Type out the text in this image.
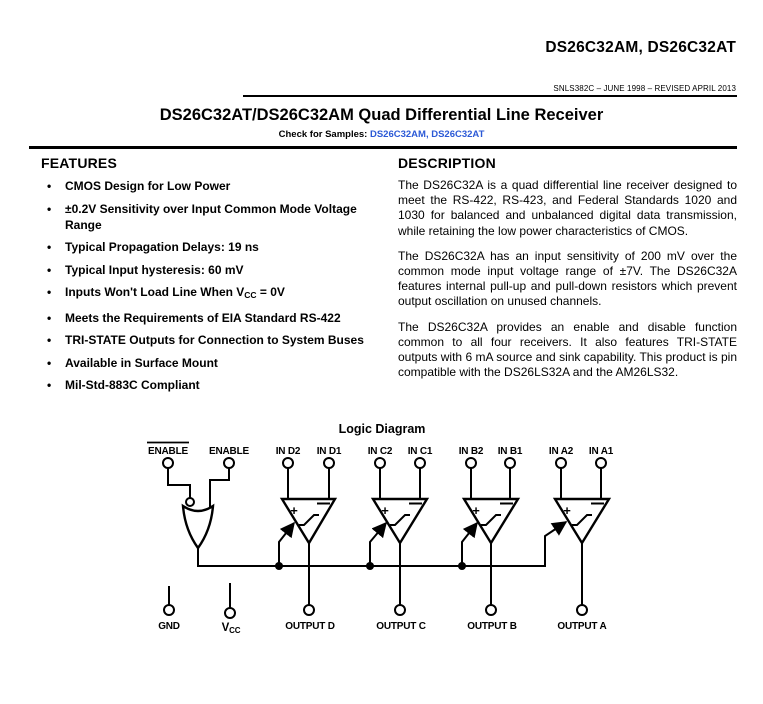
DS26C32AM, DS26C32AT
SNLS382C – JUNE 1998 – REVISED APRIL 2013
DS26C32AT/DS26C32AM Quad Differential Line Receiver
Check for Samples: DS26C32AM, DS26C32AT
FEATURES
• CMOS Design for Low Power
• ±0.2V Sensitivity over Input Common Mode Voltage Range
• Typical Propagation Delays: 19 ns
• Typical Input hysteresis: 60 mV
• Inputs Won't Load Line When $V_{CC} = 0V$
• Meets the Requirements of EIA Standard RS-422
• TRI-STATE Outputs for Connection to System Buses
• Available in Surface Mount
• Mil-Std-883C Compliant
DESCRIPTION

The DS26C32A is a quad differential line receiver designed to meet the RS-422, RS-423, and Federal Standards 1020 and 1030 for balanced and unbalanced digital data transmission, while retaining the low power characteristics of CMOS.

The DS26C32A has an input sensitivity of 200 mV over the common mode input voltage range of ±7V. The DS26C32A features internal pull-up and pull-down resistors which prevent output oscillation on unused channels.

The DS26C32A provides an enable and disable function common to all four receivers. It also features TRI-STATE outputs with 6 mA source and sink capability. This product is pin compatible with the DS26LS32A and the AM26LS32.

Logic Diagram
ENABLE ENABLE	IN D2 IN D1	IN C2 IN C1	IN B2 IN B1	IN A2 IN A1
+	+	+	+
GND	$V_{CC}$	OUTPUT D	OUTPUT C	OUTPUT B	OUTPUT A
